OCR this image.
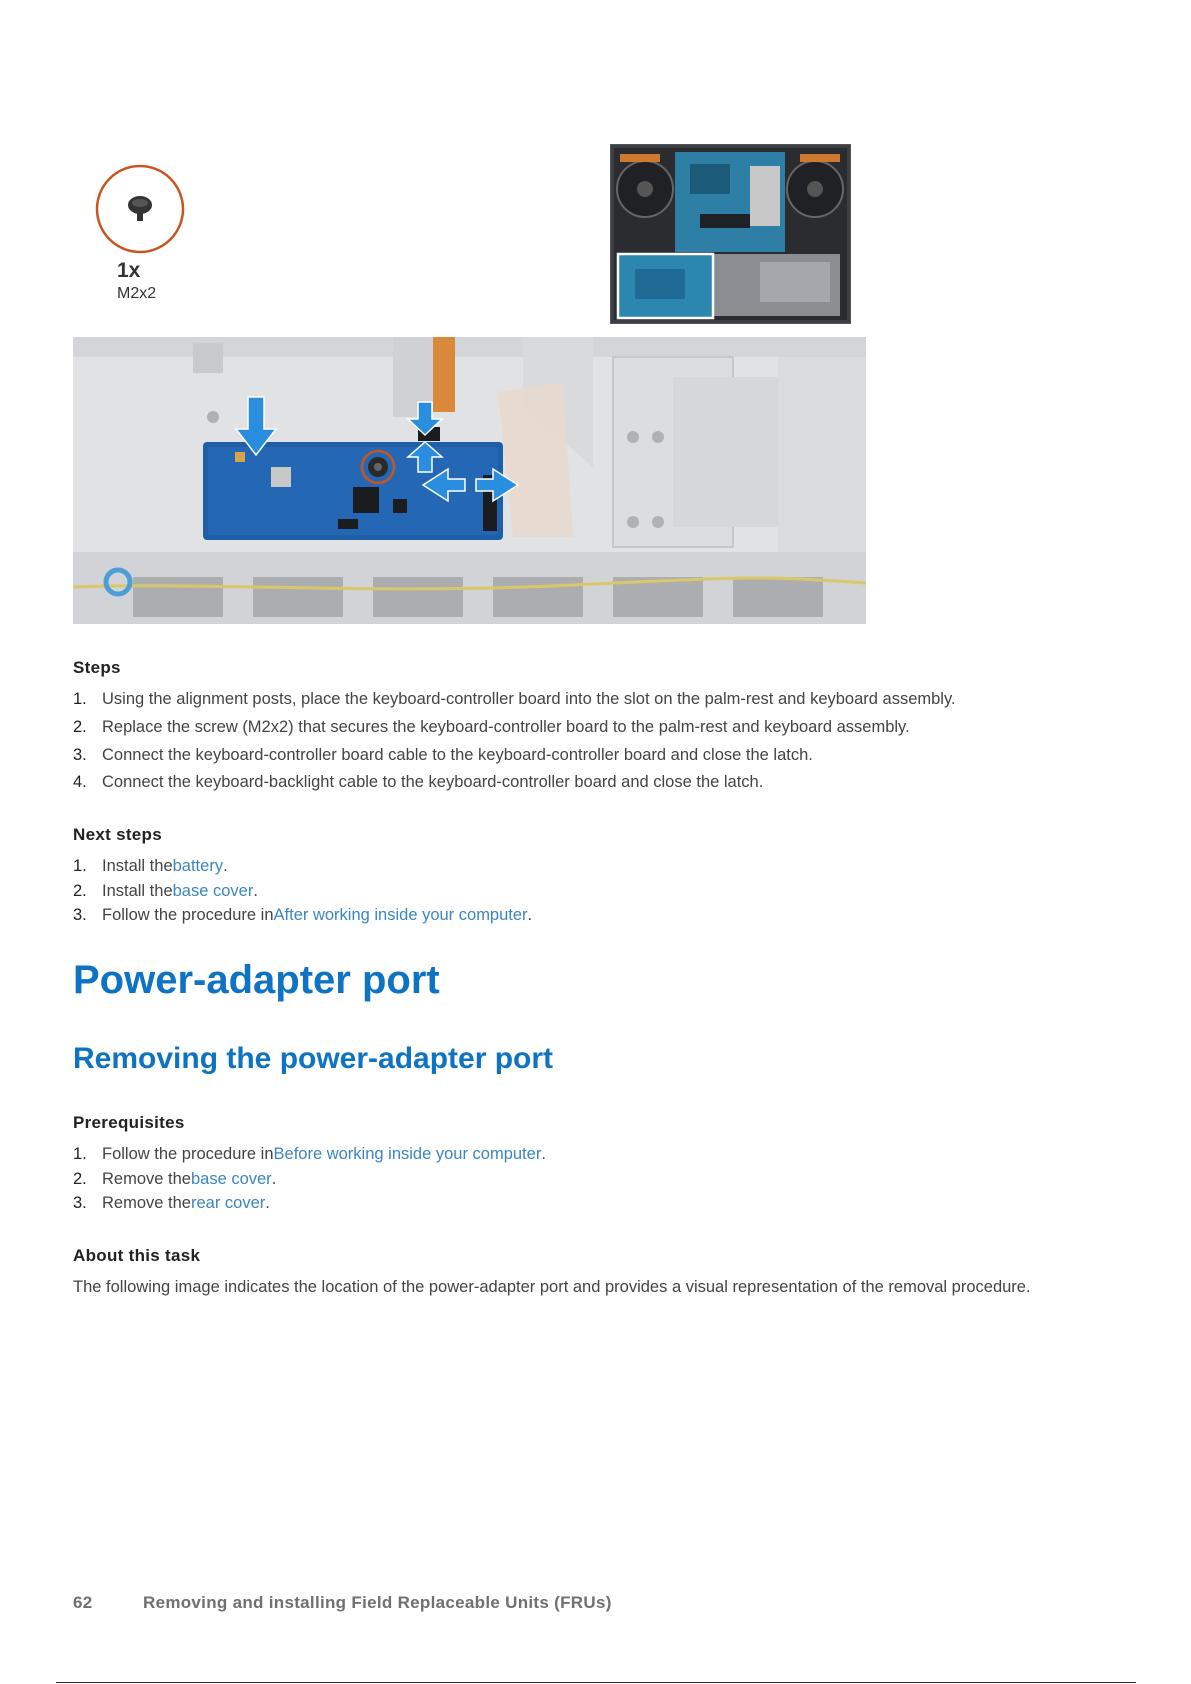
1x
M2x2
Steps
1. Using the alignment posts, place the keyboard-controller board into the slot on the palm-rest and keyboard assembly.
2. Replace the screw (M2x2) that secures the keyboard-controller board to the palm-rest and keyboard assembly.
3. Connect the keyboard-controller board cable to the keyboard-controller board and close the latch.
4. Connect the keyboard-backlight cable to the keyboard-controller board and close the latch.
Next steps
1. Install the battery .
2. Install the base cover .
3. Follow the procedure in After working inside your computer .
Power-adapter port
Removing the power-adapter port
Prerequisites
1. Follow the procedure in Before working inside your computer .
2. Remove the base cover .
3. Remove the rear cover .
About this task
The following image indicates the location of the power-adapter port and provides a visual representation of the removal procedure.
62	Removing and installing Field Replaceable Units (FRUs)
